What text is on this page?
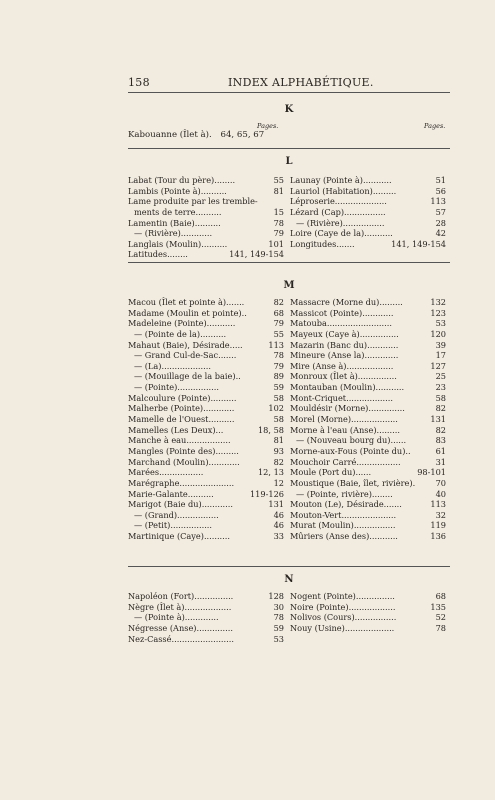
158	INDEX ALPHABÉTIQUE.
K
Pages.	Pages.
Kabouanne (Îlet à). 64, 65, 67
L
Labat (Tour du père)........	55
Lambis (Pointe à)..........	81
Lame produite par les tremble-
ments de terre..........	15
Lamentin (Baie)..........	78
— (Rivière)............	79
Langlais (Moulin)..........	101
Latitudes........	141, 149-154
Launay (Pointe à)...........	51
Lauriol (Habitation).........	56
Léproserie....................	113
Lézard (Cap)................	57
— (Rivière)................	28
Loire (Caye de la)...........	42
Longitudes.......	141, 149-154
M
Macou (Îlet et pointe à).......	82
Madame (Moulin et pointe)..	68
Madeleine (Pointe)...........	79
— (Pointe de la)..........	55
Mahaut (Baie), Désirade.....	113
— Grand Cul-de-Sac.......	78
— (La)...................	79
— (Mouillage de la baie)..	89
— (Pointe)................	59
Malcoulure (Pointe)..........	58
Malherbe (Pointe)............	102
Mamelle de l'Ouest..........	58
Mamelles (Les Deux)...	18, 58
Manche à eau.................	81
Mangles (Pointe des).........	93
Marchand (Moulin)............	82
Marées.................	12, 13
Marégraphe.....................	12
Marie-Galante..........	119-126
Marigot (Baie du)............	131
— (Grand)................	46
— (Petit)................	46
Martinique (Caye)..........	33
Massacre (Morne du).........	132
Massicot (Pointe)............	123
Matouba.........................	53
Mayeux (Caye à)...............	120
Mazarin (Banc du)............	39
Mineure (Anse la).............	17
Mire (Anse à)..................	127
Monroux (Îlet à)...............	25
Montauban (Moulin)...........	23
Mont-Criquet..................	58
Mouldésir (Morne)..............	82
Morel (Morne)..................	131
Morne à l'eau (Anse).........	82
— (Nouveau bourg du)......	83
Morne-aux-Fous (Pointe du)..	61
Mouchoir Carré.................	31
Moule (Port du)......	98-101
Moustique (Baie, îlet, rivière). 70
— (Pointe, rivière)........	40
Mouton (Le), Désirade.......	113
Mouton-Vert.....................	32
Murat (Moulin)................	119
Mûriers (Anse des)...........	136
N
Napoléon (Fort)...............	128
Nègre (Îlet à)..................	30
— (Pointe à).............	78
Négresse (Anse)..............	59
Nez-Cassé........................	53
Nogent (Pointe)...............	68
Noire (Pointe)..................	135
Nolivos (Cours)................	52
Nouy (Usine)...................	78
